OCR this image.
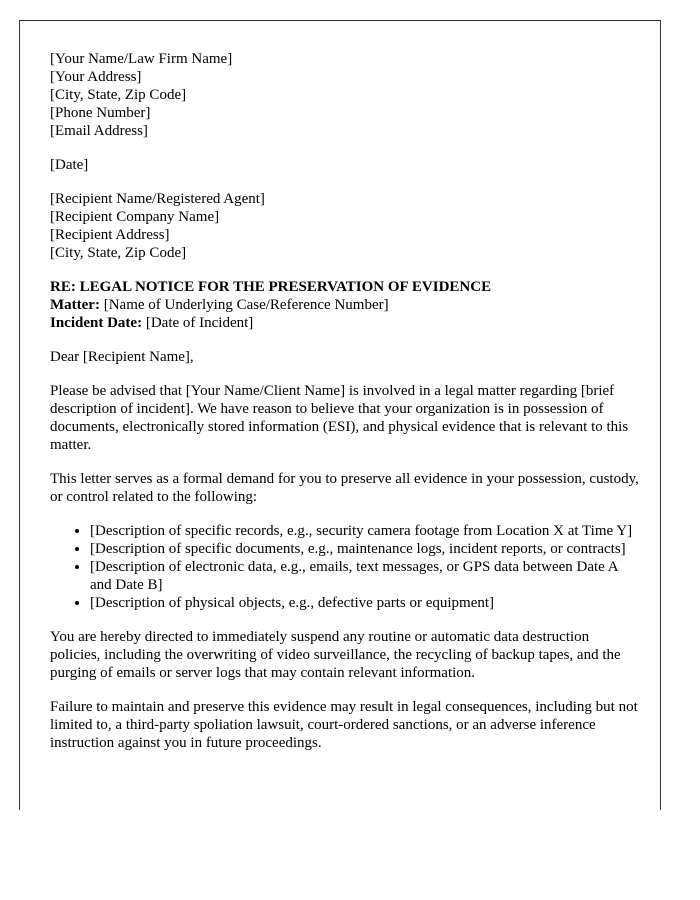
[Your Name/Law Firm Name]
[Your Address]
[City, State, Zip Code]
[Phone Number]
[Email Address]
[Date]
[Recipient Name/Registered Agent]
[Recipient Company Name]
[Recipient Address]
[City, State, Zip Code]
RE: LEGAL NOTICE FOR THE PRESERVATION OF EVIDENCE
Matter: [Name of Underlying Case/Reference Number]
Incident Date: [Date of Incident]

Dear [Recipient Name],

Please be advised that [Your Name/Client Name] is involved in a legal matter regarding [brief description of incident]. We have reason to believe that your organization is in possession of documents, electronically stored information (ESI), and physical evidence that is relevant to this matter.

This letter serves as a formal demand for you to preserve all evidence in your possession, custody, or control related to the following:

• [Description of specific records, e.g., security camera footage from Location X at Time Y]
• [Description of specific documents, e.g., maintenance logs, incident reports, or contracts]
• [Description of electronic data, e.g., emails, text messages, or GPS data between Date A and Date B]
• [Description of physical objects, e.g., defective parts or equipment]

You are hereby directed to immediately suspend any routine or automatic data destruction policies, including the overwriting of video surveillance, the recycling of backup tapes, and the purging of emails or server logs that may contain relevant information.

Failure to maintain and preserve this evidence may result in legal consequences, including but not limited to, a third-party spoliation lawsuit, court-ordered sanctions, or an adverse inference instruction against you in future proceedings.
